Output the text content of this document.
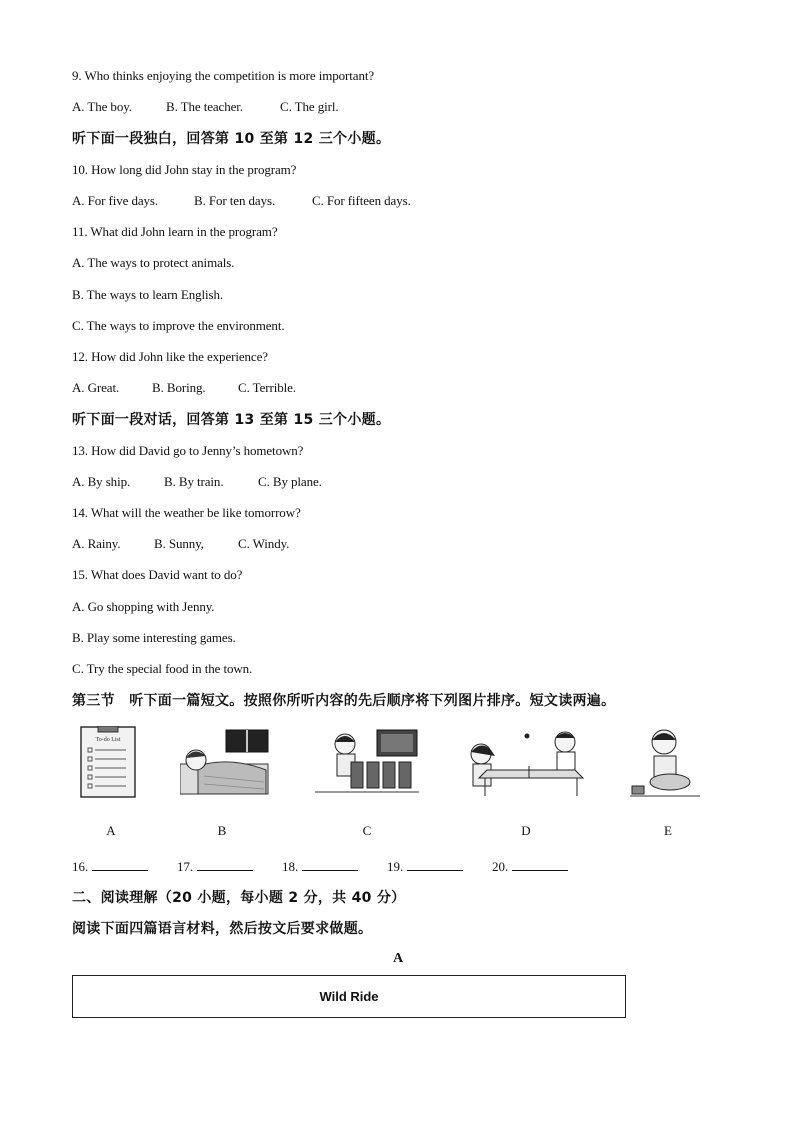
9. Who thinks enjoying the competition is more important?
A. The boy.	B. The teacher.	C. The girl.
听下面一段独白，回答第 10 至第 12 三个小题。
10. How long did John stay in the program?
A. For five days.	B. For ten days.	C. For fifteen days.
11. What did John learn in the program?
A. The ways to protect animals.
B. The ways to learn English.
C. The ways to improve the environment.
12. How did John like the experience?
A. Great.	B. Boring. C. Terrible.
听下面一段对话，回答第 13 至第 15 三个小题。
13. How did David go to Jenny’s hometown?
A. By ship.	B. By train.	C. By plane.
14. What will the weather be like tomorrow?
A. Rainy.	B. Sunny,	C. Windy.
15. What does David want to do?
A. Go shopping with Jenny.
B. Play some interesting games.
C. Try the special food in the town.
第三节　听下面一篇短文。按照你所听内容的先后顺序将下列图片排序。短文读两遍。
To-do List
A	B	C	D	E
16.	17.	18.	19.	20.
二、阅读理解（20 小题，每小题 2 分，共 40 分）
阅读下面四篇语言材料，然后按文后要求做题。
A
Wild Ride
